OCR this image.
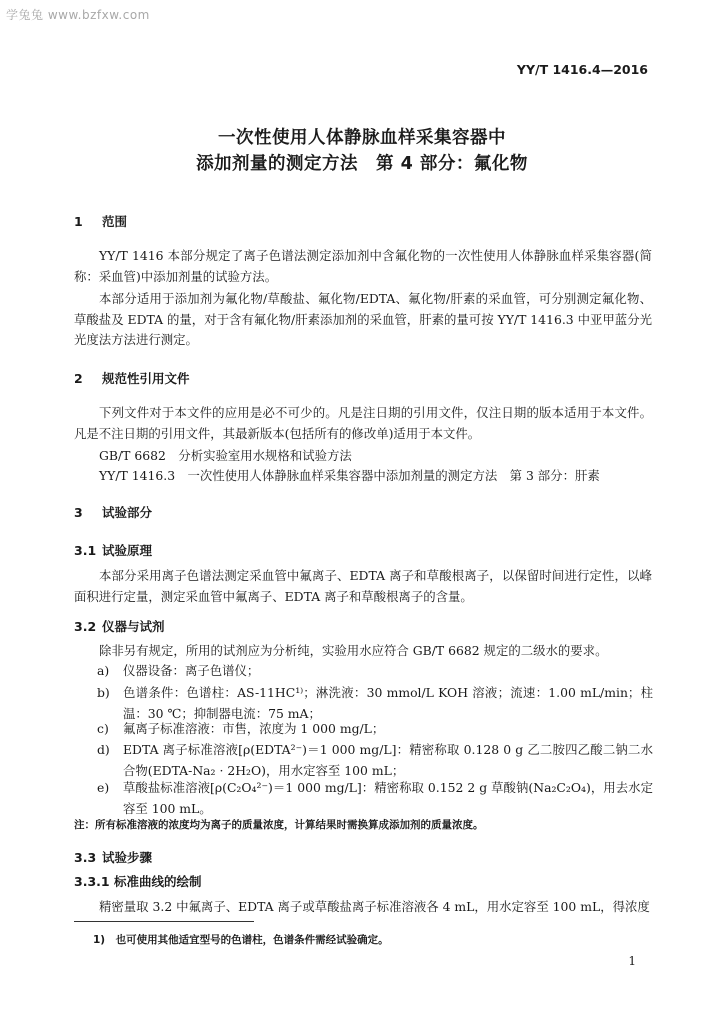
学兔兔 www.bzfxw.com
YY/T 1416.4—2016
一次性使用人体静脉血样采集容器中
添加剂量的测定方法　第 4 部分：氟化物
1 范围

YY/T 1416 本部分规定了离子色谱法测定添加剂中含氟化物的一次性使用人体静脉血样采集容器(简称：采血管)中添加剂量的试验方法。

本部分适用于添加剂为氟化物/草酸盐、氟化物/EDTA、氟化物/肝素的采血管，可分别测定氟化物、草酸盐及 EDTA 的量，对于含有氟化物/肝素添加剂的采血管，肝素的量可按 YY/T 1416.3 中亚甲蓝分光光度法方法进行测定。

2 规范性引用文件

下列文件对于本文件的应用是必不可少的。凡是注日期的引用文件，仅注日期的版本适用于本文件。凡是不注日期的引用文件，其最新版本(包括所有的修改单)适用于本文件。

GB/T 6682　分析实验室用水规格和试验方法
YY/T 1416.3　一次性使用人体静脉血样采集容器中添加剂量的测定方法　第 3 部分：肝素
3 试验部分
3.1 试验原理

本部分采用离子色谱法测定采血管中氟离子、EDTA 离子和草酸根离子，以保留时间进行定性，以峰面积进行定量，测定采血管中氟离子、EDTA 离子和草酸根离子的含量。

3.2 仪器与试剂

除非另有规定，所用的试剂应为分析纯，实验用水应符合 GB/T 6682 规定的二级水的要求。

a) 仪器设备：离子色谱仪；
b) 色谱条件：色谱柱：AS-11HC¹⁾；淋洗液：30 mmol/L KOH 溶液；流速：1.00 mL/min；柱温：30 ℃；抑制器电流：75 mA；
c) 氟离子标准溶液：市售，浓度为 1 000 mg/L；
d) EDTA 离子标准溶液[ρ(EDTA²⁻)＝1 000 mg/L]：精密称取 0.128 0 g 乙二胺四乙酸二钠二水合物(EDTA-Na₂ · 2H₂O)，用水定容至 100 mL；
e) 草酸盐标准溶液[ρ(C₂O₄²⁻)＝1 000 mg/L]：精密称取 0.152 2 g 草酸钠(Na₂C₂O₄)，用去水定容至 100 mL。
注：所有标准溶液的浓度均为离子的质量浓度，计算结果时需换算成添加剂的质量浓度。
3.3 试验步骤
3.3.1 标准曲线的绘制

精密量取 3.2 中氟离子、EDTA 离子或草酸盐离子标准溶液各 4 mL，用水定容至 100 mL，得浓度

1)　也可使用其他适宜型号的色谱柱，色谱条件需经试验确定。
1
